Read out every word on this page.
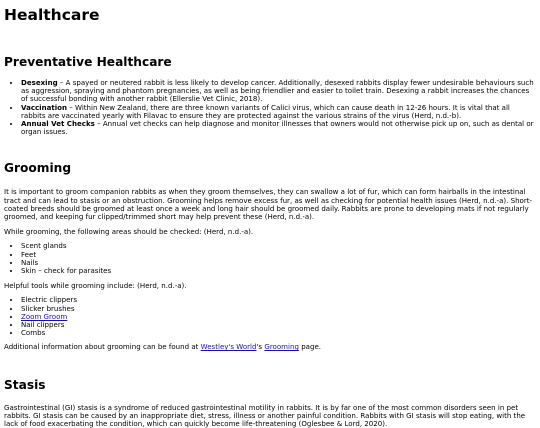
Healthcare
Preventative Healthcare
• Desexing – A spayed or neutered rabbit is less likely to develop cancer. Additionally, desexed rabbits display fewer undesirable behaviours such as aggression, spraying and phantom pregnancies, as well as being friendlier and easier to toilet train. Desexing a rabbit increases the chances of successful bonding with another rabbit (Ellerslie Vet Clinic, 2018).
• Vaccination – Within New Zealand, there are three known variants of Calici virus, which can cause death in 12-26 hours. It is vital that all rabbits are vaccinated yearly with Filavac to ensure they are protected against the various strains of the virus (Herd, n.d.-b).
• Annual Vet Checks – Annual vet checks can help diagnose and monitor illnesses that owners would not otherwise pick up on, such as dental or organ issues.
Grooming

It is important to groom companion rabbits as when they groom themselves, they can swallow a lot of fur, which can form hairballs in the intestinal tract and can lead to stasis or an obstruction. Grooming helps remove excess fur, as well as checking for potential health issues (Herd, n.d.-a). Short-coated breeds should be groomed at least once a week and long hair should be groomed daily. Rabbits are prone to developing mats if not regularly groomed, and keeping fur clipped/trimmed short may help prevent these (Herd, n.d.-a).

While grooming, the following areas should be checked: (Herd, n.d.-a).

• Scent glands
• Feet
• Nails
• Skin – check for parasites

Helpful tools while grooming include: (Herd, n.d.-a).

• Electric clippers
• Slicker brushes
• Zoom Groom
• Nail clippers
• Combs

Additional information about grooming can be found at Westley's World's Grooming page.

Stasis

Gastrointestinal (GI) stasis is a syndrome of reduced gastrointestinal motility in rabbits. It is by far one of the most common disorders seen in pet rabbits. GI stasis can be caused by an inappropriate diet, stress, illness or another painful condition. Rabbits with GI stasis will stop eating, with the lack of food exacerbating the condition, which can quickly become life-threatening (Oglesbee & Lord, 2020).
